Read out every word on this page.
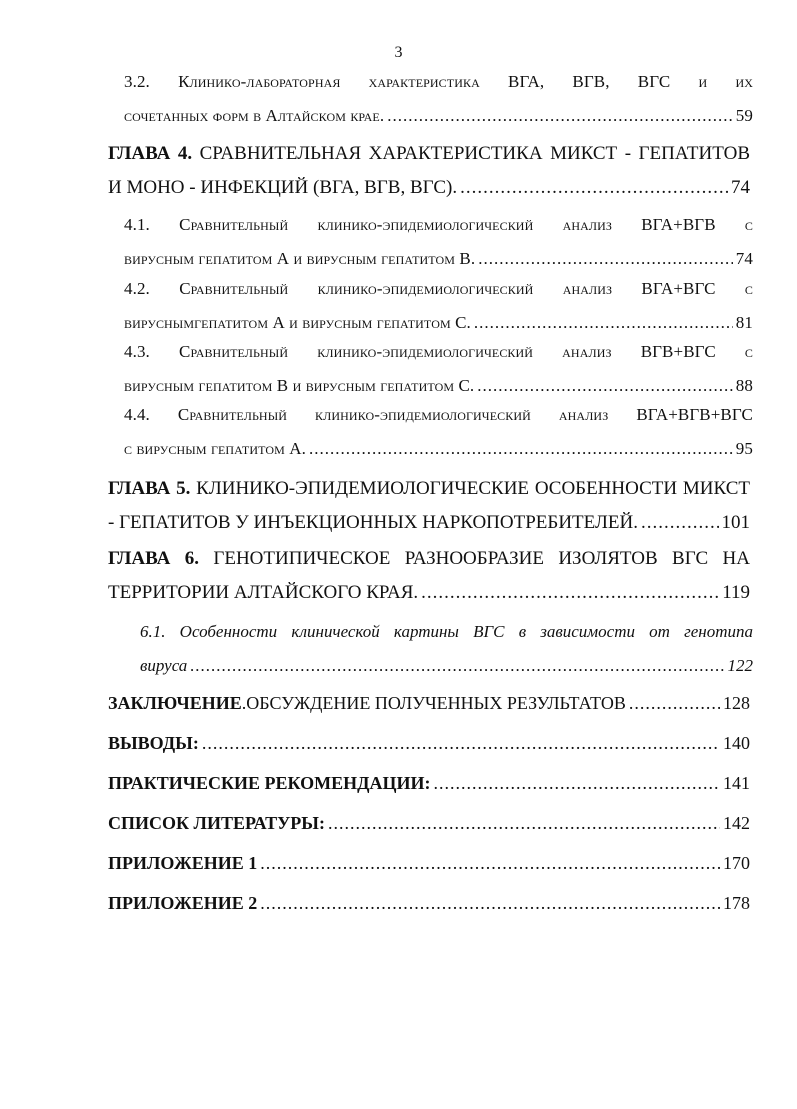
3
3.2. Клинико-лабораторная характеристика ВГА, ВГВ, ВГС и их
сочетанных форм в Алтайском крае. .....	59
ГЛАВА 4. СРАВНИТЕЛЬНАЯ ХАРАКТЕРИСТИКА МИКСТ - ГЕПАТИТОВ
И МОНО - ИНФЕКЦИЙ (ВГА, ВГВ, ВГС). .....	74
4.1. Сравнительный клинико-эпидемиологический анализ ВГА+ВГВ с
вирусным гепатитом А и вирусным гепатитом В. .....	74
4.2. Сравнительный клинико-эпидемиологический анализ ВГА+ВГС с
вируснымгепатитом А и вирусным гепатитом С. .....	81
4.3. Сравнительный клинико-эпидемиологический анализ ВГВ+ВГС с
вирусным гепатитом В и вирусным гепатитом С. .....	88
4.4. Сравнительный клинико-эпидемиологический анализ ВГА+ВГВ+ВГС
с вирусным гепатитом А. .....	95
ГЛАВА 5. КЛИНИКО-ЭПИДЕМИОЛОГИЧЕСКИЕ ОСОБЕННОСТИ МИКСТ
- ГЕПАТИТОВ У ИНЪЕКЦИОННЫХ НАРКОПОТРЕБИТЕЛЕЙ. .....	101
ГЛАВА 6. ГЕНОТИПИЧЕСКОЕ РАЗНООБРАЗИЕ ИЗОЛЯТОВ ВГС НА
ТЕРРИТОРИИ АЛТАЙСКОГО КРАЯ. .....	119
6.1. Особенности клинической картины ВГС в зависимости от генотипа
вируса .....	122
ЗАКЛЮЧЕНИЕ.ОБСУЖДЕНИЕ ПОЛУЧЕННЫХ РЕЗУЛЬТАТОВ .....	128
ВЫВОДЫ: .....	140
ПРАКТИЧЕСКИЕ РЕКОМЕНДАЦИИ: .....	141
СПИСОК ЛИТЕРАТУРЫ: .....	142
ПРИЛОЖЕНИЕ 1 .....	170
ПРИЛОЖЕНИЕ 2 .....	178
